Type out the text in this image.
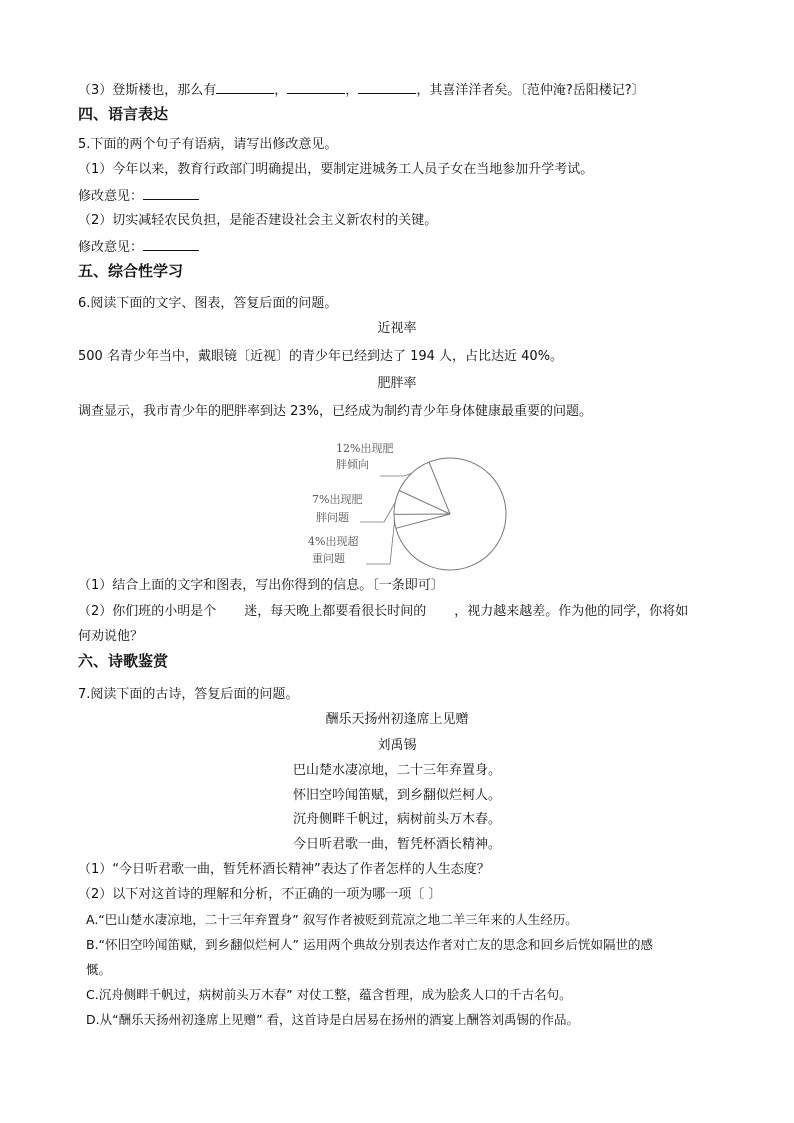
（3）登斯楼也，那么有	，	，	，其喜洋洋者矣。〔范仲淹?岳阳楼记?〕
四、语言表达
5.下面的两个句子有语病，请写出修改意见。
（1）今年以来，教育行政部门明确提出，要制定进城务工人员子女在当地参加升学考试。
修改意见：
（2）切实减轻农民负担，是能否建设社会主义新农村的关键。
修改意见：
五、综合性学习
6.阅读下面的文字、图表，答复后面的问题。
近视率
500 名青少年当中，戴眼镜〔近视〕的青少年已经到达了 194 人，占比达近 40%。
肥胖率
调查显示，我市青少年的肥胖率到达 23%，已经成为制约青少年身体健康最重要的问题。
12%出现肥
胖倾向
7%出现肥
胖问题
4%出现超
重问题
（1）结合上面的文字和图表，写出你得到的信息。〔一条即可〕
（2）你们班的小明是个 迷，每天晚上都要看很长时间的 ，视力越来越差。作为他的同学，你将如
何劝说他？
六、诗歌鉴赏
7.阅读下面的古诗，答复后面的问题。
酬乐天扬州初逢席上见赠
刘禹锡
巴山楚水凄凉地，二十三年弃置身。
怀旧空吟闻笛赋，到乡翻似烂柯人。
沉舟侧畔千帆过，病树前头万木春。
今日听君歌一曲，暂凭杯酒长精神。
（1）“今日听君歌一曲，暂凭杯酒长精神”表达了作者怎样的人生态度？
（2）以下对这首诗的理解和分析，不正确的一项为哪一项〔 〕
A.“巴山楚水凄凉地，二十三年弃置身” 叙写作者被贬到荒凉之地二羊三年来的人生经历。
B.“怀旧空吟闻笛赋，到乡翻似烂柯人” 运用两个典故分别表达作者对亡友的思念和回乡后恍如隔世的感
慨。
C.沉舟侧畔千帆过，病树前头万木春” 对仗工整，蕴含哲理，成为脍炙人口的千古名句。
D.从“酬乐天扬州初逢席上见赠” 看，这首诗是白居易在扬州的酒宴上酬答刘禹锡的作品。
